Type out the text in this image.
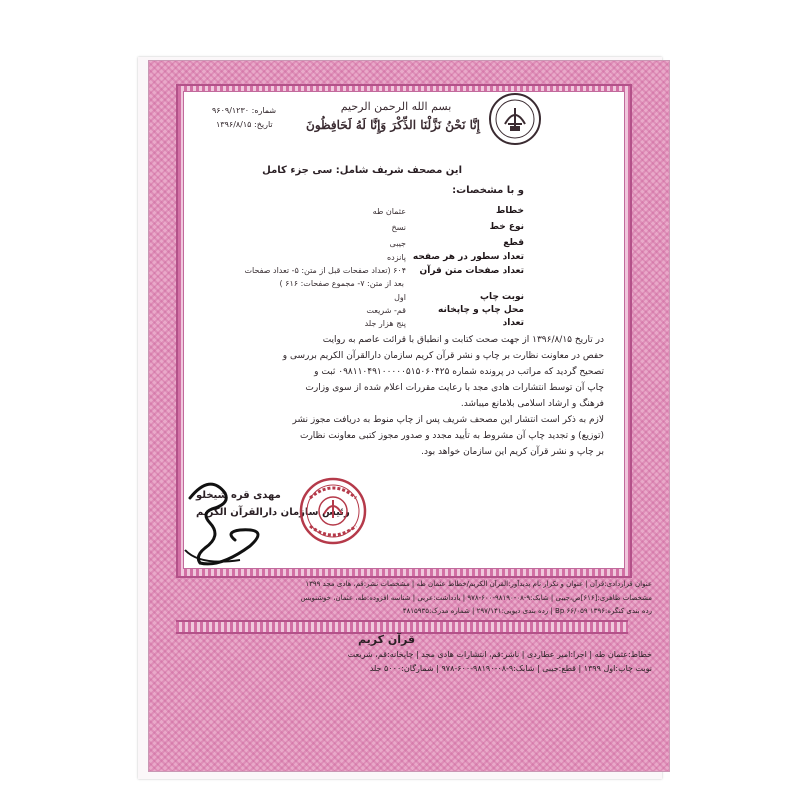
شماره: ۹۶۰۹/۱۲۳۰
تاریخ: ۱۳۹۶/۸/۱۵
بسم الله الرحمن الرحيم
إِنَّا نَحْنُ نَزَّلْنَا الذِّكْرَ وَإِنَّا لَهُ لَحَافِظُونَ
این مصحف شریف شامل: سی جزء کامل
و با مشخصات:
خطاط
عثمان طه
نوع خط
نسخ
قطع
جیبی
تعداد سطور در هر صفحه
پانزده
تعداد صفحات متن قرآن
۶۰۴ (تعداد صفحات قبل از متن: ۵- تعداد صفحات
بعد از متن: ۷- مجموع صفحات: ۶۱۶ )
نوبت چاپ
اول
محل چاپ و چاپخانه
قم- شریعت
تعداد
پنج هزار جلد
در تاریخ ۱۳۹۶/۸/۱۵ از جهت صحت کتابت و انطباق با قرائت عاصم به روایت
حفص در معاونت نظارت بر چاپ و نشر قرآن کریم سازمان دارالقرآن الکریم بررسی و
تصحیح گردید که مراتب در پرونده شماره ۰۹۸۱۱۰۴۹۱۰۰۰۰۰۵۱۵۰۶۰۴۲۵ ثبت و
چاپ آن توسط انتشارات هادی مجد با رعایت مقررات اعلام شده از سوی وزارت
فرهنگ و ارشاد اسلامی بلامانع میباشد.
لازم به ذکر است انتشار این مصحف شریف پس از چاپ منوط به دریافت مجوز نشر
(توزیع) و تجدید چاپ آن مشروط به تأیید مجدد و صدور مجوز کتبی معاونت نظارت
بر چاپ و نشر قرآن کریم این سازمان خواهد بود.
مهدی قره شیخلو
رئیس سازمان دارالقرآن الکریم
عنوان قراردادی:قرآن | عنوان و نکرار نام پدیدآور:القرآن الکریم/خطاط عثمان طه | مشخصات نشر:قم، هادی مجد ۱۳۹۹
مشخصات ظاهری:[۶۱۶]ص،جیبی | شابک:۹-۰۸-۹۸۱۹۰-۶۰۰-۹۷۸ | یادداشت:عربی | شناسه افزوده:طه، عثمان، خوشنویس
رده بندی کنگره:۱۳۹۶ ۶۶/۰۵۹ Bp | رده بندی دیویی:۲۹۷/۱۴۱ | شماره مدرک:۴۸۱۵۹۳۵
قرآن کریم
خطاط:عثمان طه | اجرا:امیر عطاردی | ناشر:قم، انتشارات هادی مجد | چاپخانه:قم، شریعت
نوبت چاپ:اول ۱۳۹۹ | قطع:جیبی | شابک:۹-۰۸-۹۸۱۹۰-۶۰۰-۹۷۸ | شمارگان:۵۰۰۰ جلد
